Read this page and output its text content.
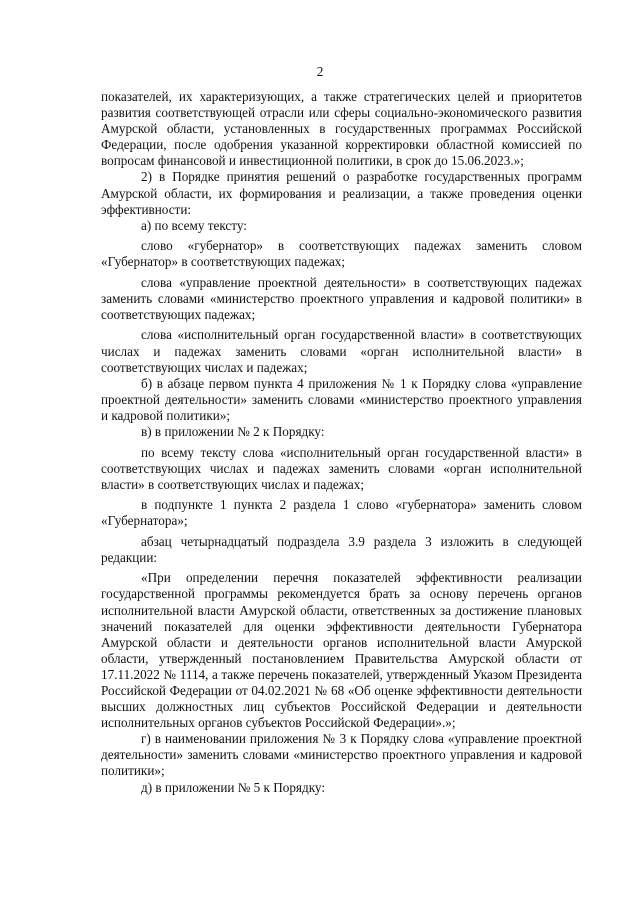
2

показателей, их характеризующих, а также стратегических целей и приоритетов развития соответствующей отрасли или сферы социально-экономического развития Амурской области, установленных в государственных программах Российской Федерации, после одобрения указанной корректировки областной комиссией по вопросам финансовой и инвестиционной политики, в срок до 15.06.2023.»;

2) в Порядке принятия решений о разработке государственных программ Амурской области, их формирования и реализации, а также проведения оценки эффективности:

а) по всему тексту:

слово «губернатор» в соответствующих падежах заменить словом «Губернатор» в соответствующих падежах;

слова «управление проектной деятельности» в соответствующих падежах заменить словами «министерство проектного управления и кадровой политики» в соответствующих падежах;

слова «исполнительный орган государственной власти» в соответствующих числах и падежах заменить словами «орган исполнительной власти» в соответствующих числах и падежах;

б) в абзаце первом пункта 4 приложения № 1 к Порядку слова «управление проектной деятельности» заменить словами «министерство проектного управления и кадровой политики»;

в) в приложении № 2 к Порядку:

по всему тексту слова «исполнительный орган государственной власти» в соответствующих числах и падежах заменить словами «орган исполнительной власти» в соответствующих числах и падежах;

в подпункте 1 пункта 2 раздела 1 слово «губернатора» заменить словом «Губернатора»;

абзац четырнадцатый подраздела 3.9 раздела 3 изложить в следующей редакции:

«При определении перечня показателей эффективности реализации государственной программы рекомендуется брать за основу перечень органов исполнительной власти Амурской области, ответственных за достижение плановых значений показателей для оценки эффективности деятельности Губернатора Амурской области и деятельности органов исполнительной власти Амурской области, утвержденный постановлением Правительства Амурской области от 17.11.2022 № 1114, а также перечень показателей, утвержденный Указом Президента Российской Федерации от 04.02.2021 № 68 «Об оценке эффективности деятельности высших должностных лиц субъектов Российской Федерации и деятельности исполнительных органов субъектов Российской Федерации».»;

г) в наименовании приложения № 3 к Порядку слова «управление проектной деятельности» заменить словами «министерство проектного управления и кадровой политики»;

д) в приложении № 5 к Порядку:
